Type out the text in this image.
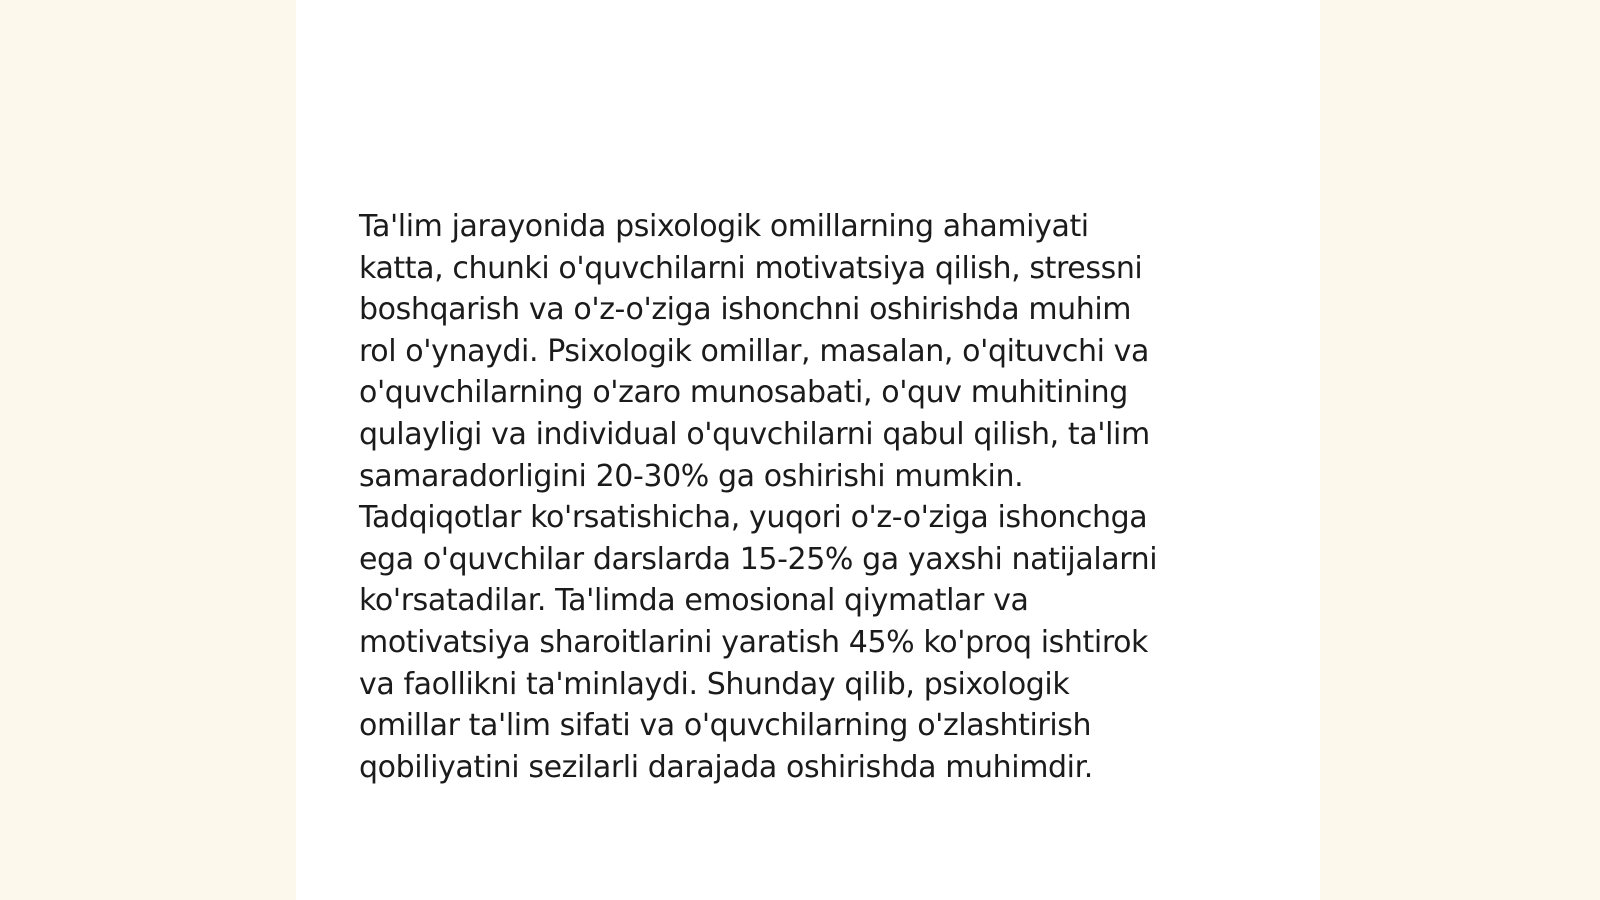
Ta'lim jarayonida psixologik omillarning ahamiyati
katta, chunki o'quvchilarni motivatsiya qilish, stressni
boshqarish va o'z-o'ziga ishonchni oshirishda muhim
rol o'ynaydi. Psixologik omillar, masalan, o'qituvchi va
o'quvchilarning o'zaro munosabati, o'quv muhitining
qulayligi va individual o'quvchilarni qabul qilish, ta'lim
samaradorligini 20-30% ga oshirishi mumkin.
Tadqiqotlar ko'rsatishicha, yuqori o'z-o'ziga ishonchga
ega o'quvchilar darslarda 15-25% ga yaxshi natijalarni
ko'rsatadilar. Ta'limda emosional qiymatlar va
motivatsiya sharoitlarini yaratish 45% ko'proq ishtirok
va faollikni ta'minlaydi. Shunday qilib, psixologik
omillar ta'lim sifati va o'quvchilarning o'zlashtirish
qobiliyatini sezilarli darajada oshirishda muhimdir.
